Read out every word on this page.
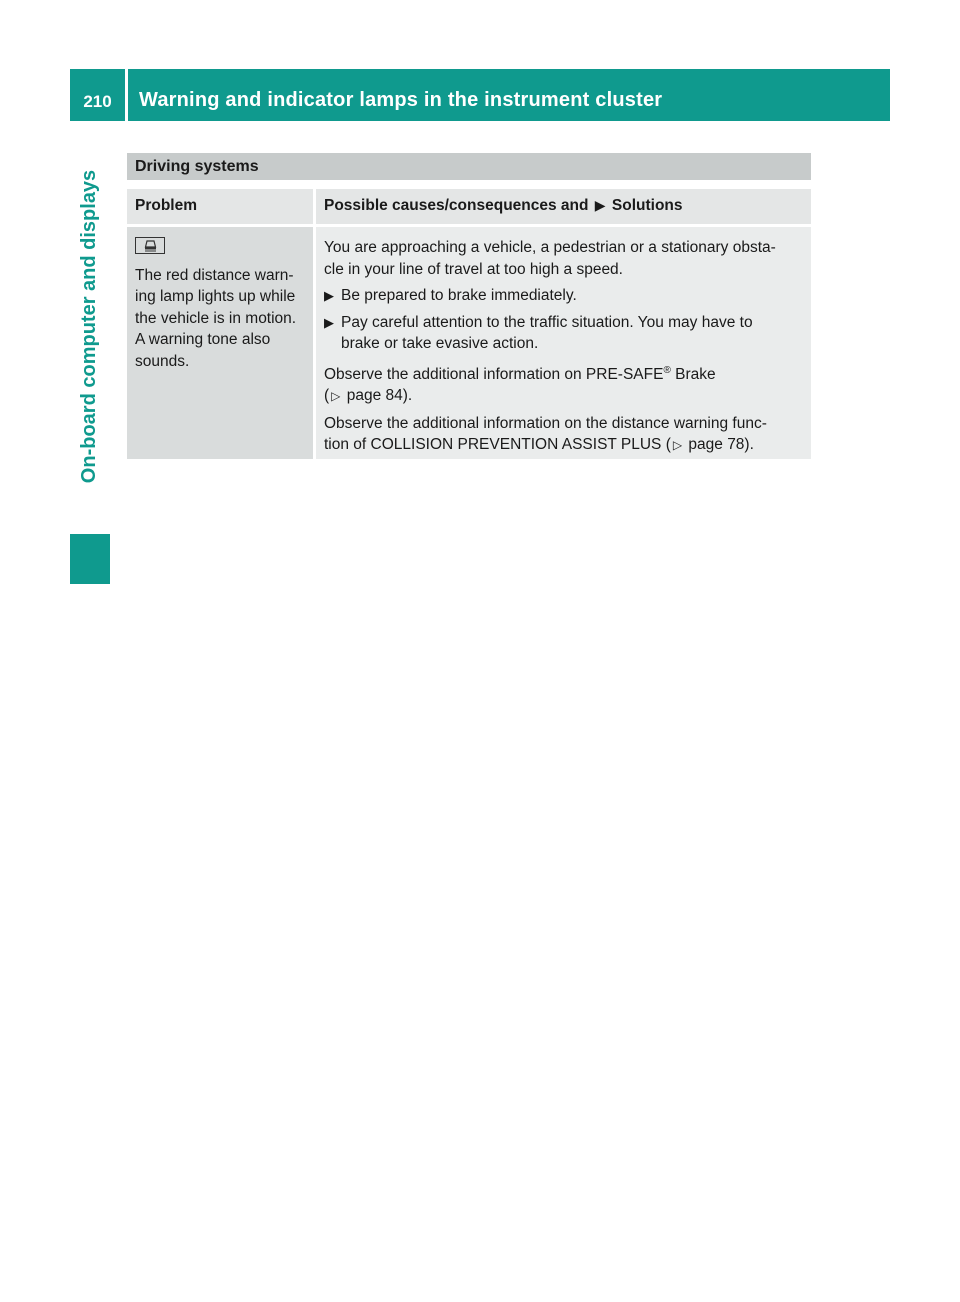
210	Warning and indicator lamps in the instrument cluster
On-board computer and displays
Driving systems
Problem	Possible causes/consequences and ▶ Solutions
The red distance warn-
ing lamp lights up while
the vehicle is in motion.
A warning tone also
sounds.

You are approaching a vehicle, a pedestrian or a stationary obsta-
cle in your line of travel at too high a speed.

▶ Be prepared to brake immediately.
▶ Pay careful attention to the traffic situation. You may have to
brake or take evasive action.

Observe the additional information on PRE-SAFE® Brake
( ▷ page 84).

Observe the additional information on the distance warning func-
tion of COLLISION PREVENTION ASSIST PLUS ( ▷ page 78).
